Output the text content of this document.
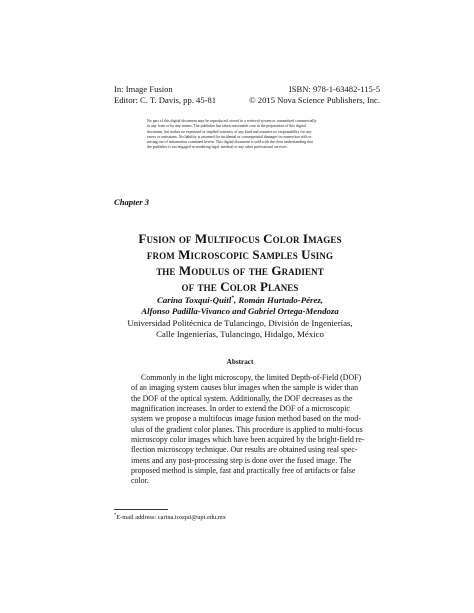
In: Image Fusion	ISBN: 978-1-63482-115-5
Editor: C. T. Davis, pp. 45-81	© 2015 Nova Science Publishers, Inc.
No part of this digital document may be reproduced, stored in a retrieval system or transmitted commercially
in any form or by any means. The publisher has taken reasonable care in the preparation of this digital
document, but makes no expressed or implied warranty of any kind and assumes no responsibility for any
errors or omissions. No liability is assumed for incidental or consequential damages in connection with or
arising out of information contained herein. This digital document is sold with the clear understanding that
the publisher is not engaged in rendering legal, medical or any other professional services.
Chapter 3
Fusion of Multifocus Color Images
from Microscopic Samples Using
the Modulus of the Gradient
of the Color Planes
Carina Toxqui-Quitl*, Román Hurtado-Pérez,
Alfonso Padilla-Vivanco and Gabriel Ortega-Mendoza
Universidad Politécnica de Tulancingo, División de Ingenierías,
Calle Ingenierías, Tulancingo, Hidalgo, México
Abstract
Commonly in the light microscopy, the limited Depth-of-Field (DOF)
of an imaging system causes blur images when the sample is wider than
the DOF of the optical system. Additionally, the DOF decreases as the
magnification increases. In order to extend the DOF of a microscopic
system we propose a multifocus image fusion method based on the mod-
ulus of the gradient color planes. This procedure is applied to multi-focus
microscopy color images which have been acquired by the bright-field re-
flection microscopy technique. Our results are obtained using real spec-
imens and any post-processing step is done over the fused image. The
proposed method is simple, fast and practically free of artifacts or false
color.
*E-mail address: carina.toxqui@upt.edu.mx
